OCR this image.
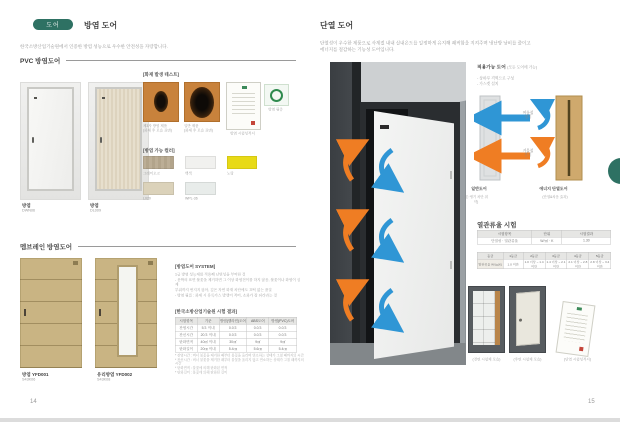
도어	방염 도어
한국소방산업기술원에서 인증한 방염 성능으로 우수한 안전성을 자랑합니다.
PVC 방염도어
방염
DWN06
방염
DL009
[화재 발생 테스트]
제3자 방염 제품
(화재 후 모습 표면)
일반 제품
(화재 후 모습 표면)
방염 시험성적서
방염 필증
[방염 가능 컬러]
그레이오크	백색	노랑
L020	WPL-36
멤브레인 방염도어
방염 YFD001
S43K06
유리방염 YFD002
S43K08
[방염도어 SYSTEM]
1급 방염 성능재를 적용해 난연성을 부여한 것
- 문짝의 표면 불꽃을 제거하면 그 이상 화염전이를 하지 않음, 불꽃이나 화염이 심재
부위까지 번지지 않아, 깊은 자연 화재 차단에도 끄떡 없는 품질
- 방염 필름 : 화재 시 유독가스 발생이 적어, 소화가 잘 되리라는 것
[한국소방산업기술원 시험 결과]
시험항목	기준	방염(멜라민)도어	ABS도어	방염(PVC)도어
잔염시간	5초 이내	0.0초	0.0초	0.0초
잔신시간	20초 이내	0.0초	0.0초	0.0초
탄화면적	40㎠ 이내	30㎠	9㎠	9㎠
탄화길이	20㎝ 이내	5.4㎝	5.6㎝	5.4㎝
* 잔염시간 : 버너 불꽃을 제거한 때부터 불꽃을 올리며 연소하는 상태가 그칠 때까지의 시간
* 잔신시간 : 버너 불꽃을 제거한 때부터 불꽃을 올리지 않고 연소하는 상태가 그칠 때까지의 시간
* 탄화면적 : 불꽃에 의해 탄화된 면적
* 탄화길이 : 불꽃에 의해 탄화된 길이
단열 도어
단열성이 우수한 제품으로 사계절 내내 실내온도를 일정하게 유지해 쾌적함을 지켜주며 냉난방 낭비를 줄이고
에너지를 절감하는 기능성 도어입니다.
적용가능 도어 (모든 도어에 가능)
- 상하부 격벽으로 구성
- 가스켓 설치
여름철
냉기
겨울철
온기
일반도어
(온·냉기 차단 취약)
에너지 단열도어
(단열&차음 효과)
열관류율 시험
시험항목	단위	시험결과
단열성 · 열관류율	W/㎡ · K	1.30
등급	1등급	2등급	3등급	4등급	5등급
열관류율 W/(㎡K)	1.0 미만	1.0 이상 ~ 1.4 미만	1.4 이상 ~ 2.1 미만	2.1 이상 ~ 2.8 미만	2.8 이상 ~ 3.4 미만
(전면 시험체 모습)	(후면 시험체 모습)	(단열 시험성적서)
14	15
